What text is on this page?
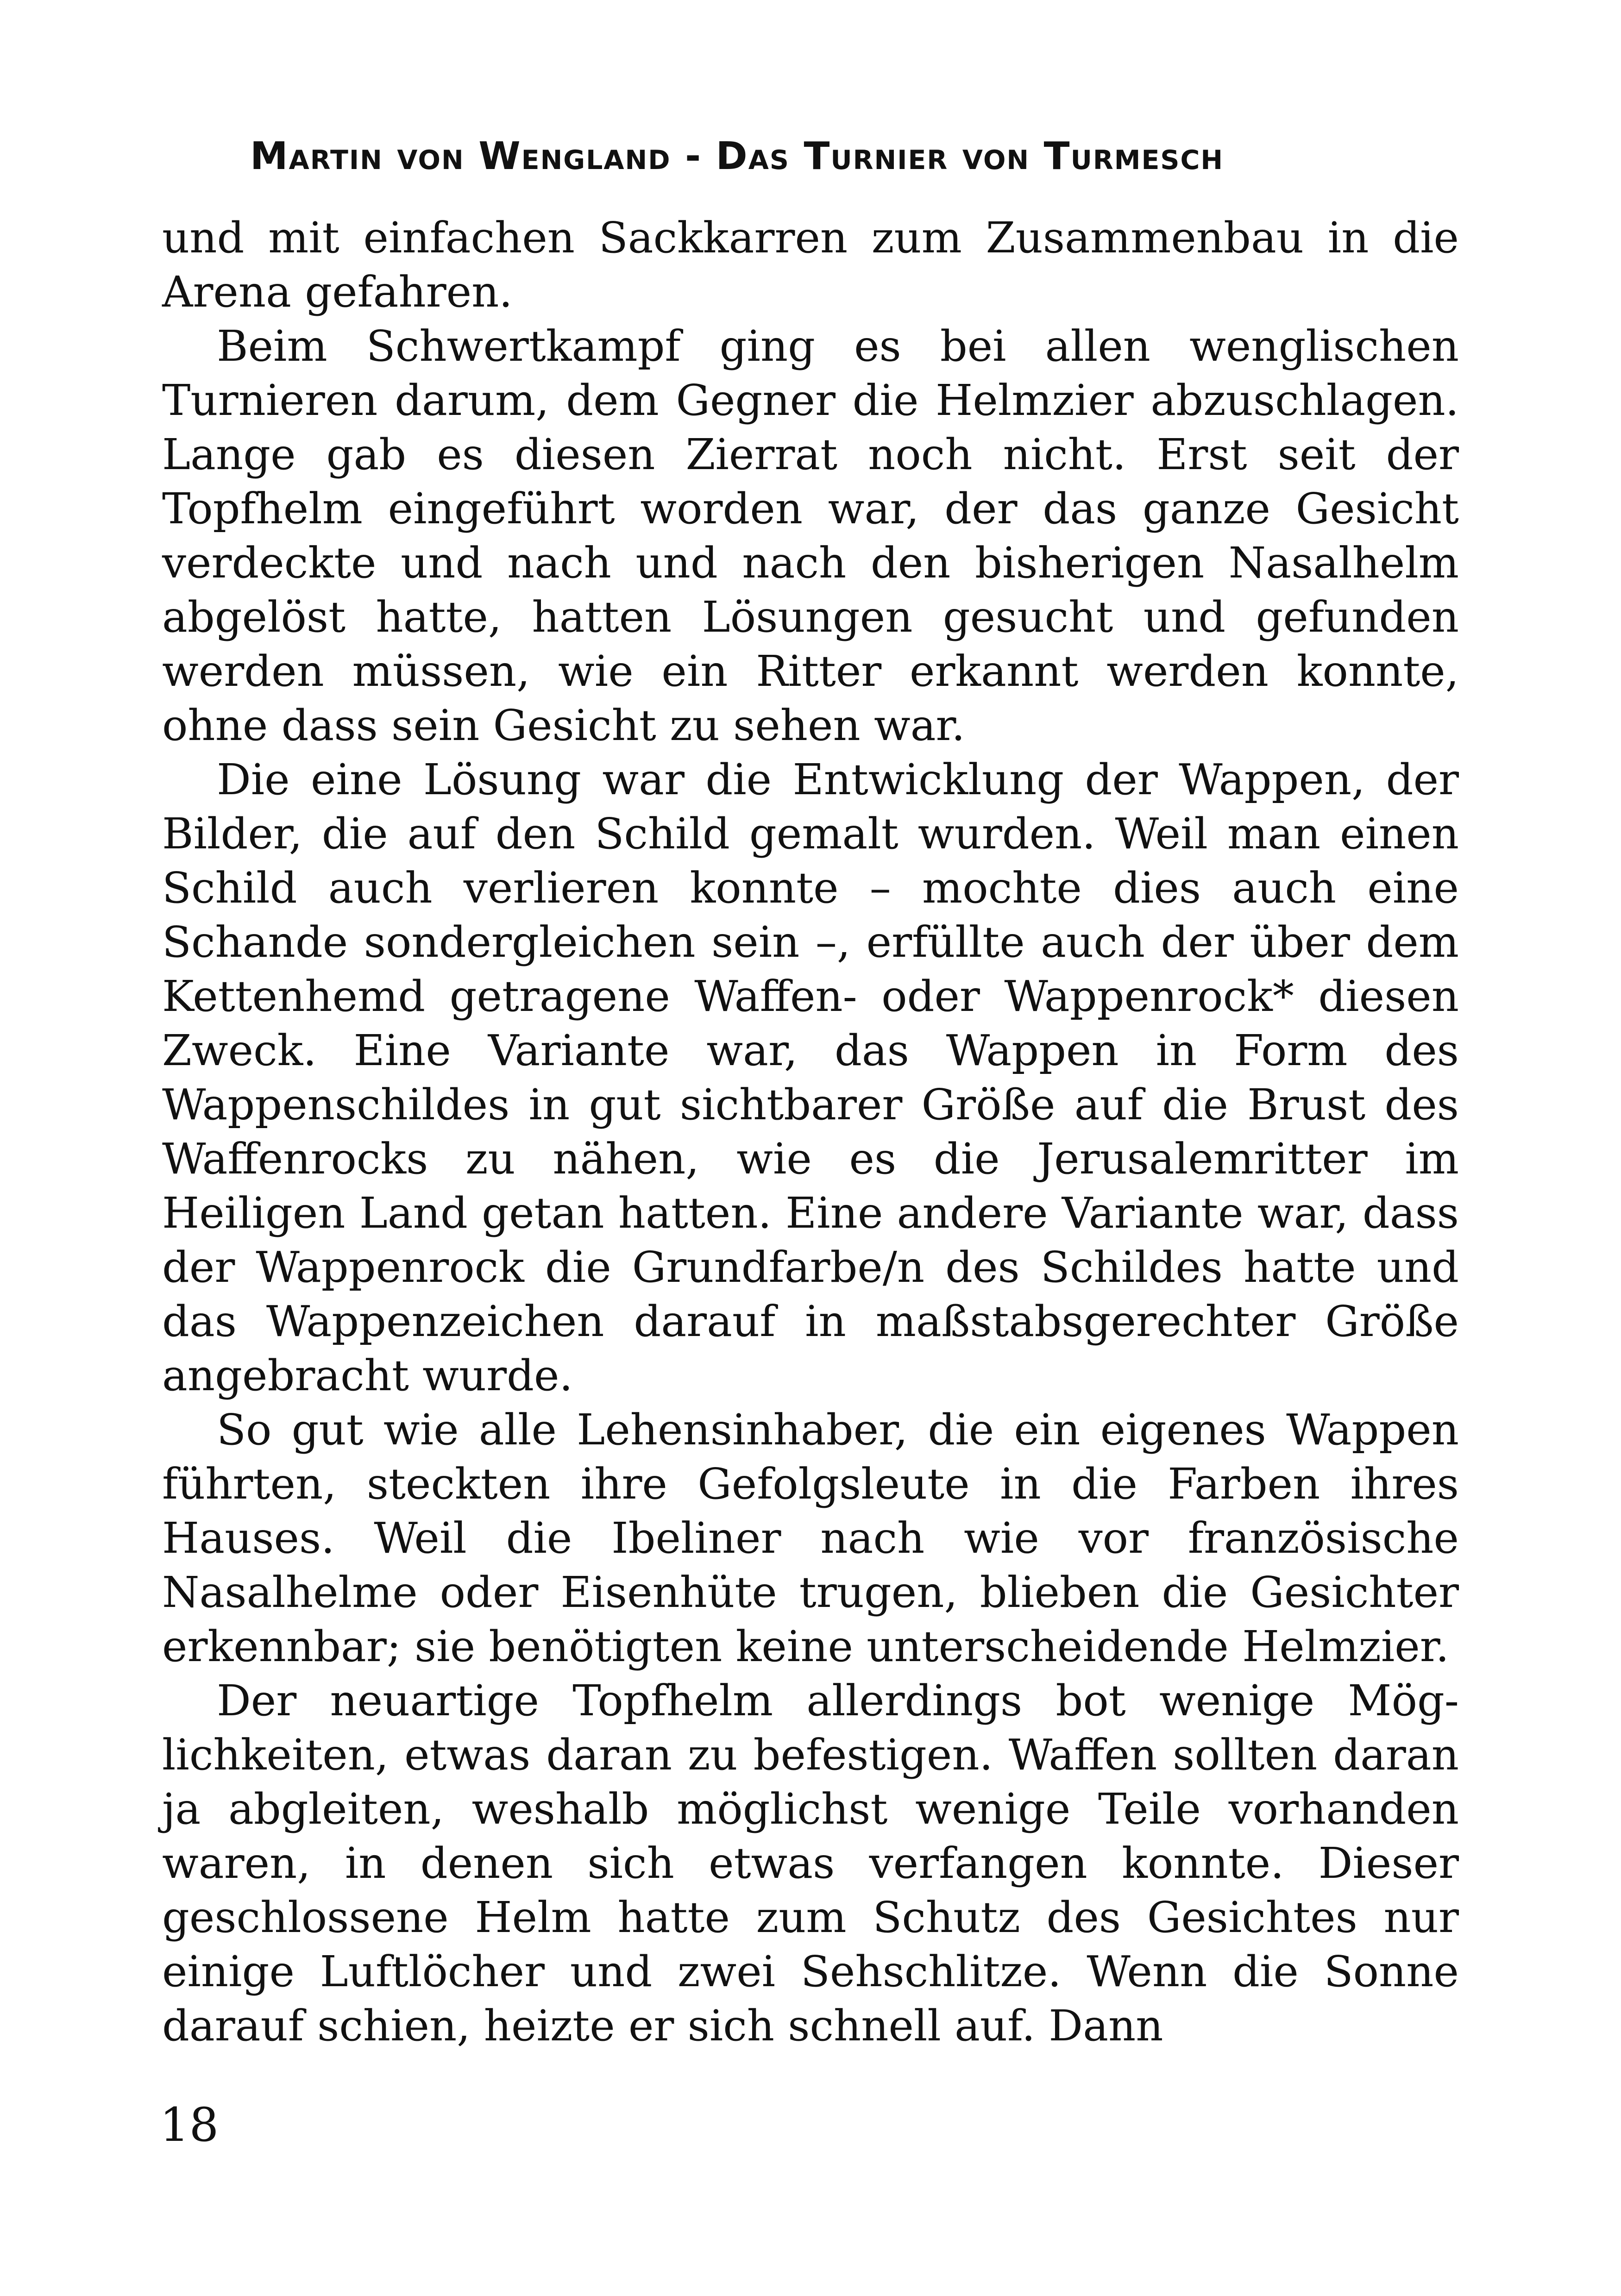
Martin von Wengland - Das Turnier von Turmesch

und mit einfachen Sackkarren zum Zusammenbau in die Arena gefahren.

Beim Schwertkampf ging es bei allen wenglischen Turnieren darum, dem Gegner die Helmzier abzuschlagen. Lange gab es diesen Zierrat noch nicht. Erst seit der Topfhelm eingeführt worden war, der das ganze Gesicht verdeckte und nach und nach den bisherigen Nasalhelm abgelöst hatte, hatten Lösungen gesucht und gefunden werden müssen, wie ein Ritter erkannt werden konnte, ohne dass sein Gesicht zu sehen war.

Die eine Lösung war die Entwicklung der Wappen, der Bilder, die auf den Schild gemalt wurden. Weil man einen Schild auch verlieren konnte – mochte dies auch eine Schande sondergleichen sein –, erfüllte auch der über dem Kettenhemd getragene Waffen- oder Wappenrock* diesen Zweck. Eine Variante war, das Wappen in Form des Wappenschildes in gut sichtbarer Größe auf die Brust des Waffenrocks zu nähen, wie es die Jerusalemritter im Heiligen Land getan hatten. Eine andere Variante war, dass der Wappenrock die Grundfarbe/n des Schildes hatte und das Wappenzeichen darauf in maßstabsgerechter Größe angebracht wurde.

So gut wie alle Lehensinhaber, die ein eigenes Wappen führten, steckten ihre Gefolgsleute in die Farben ihres Hauses. Weil die Ibeliner nach wie vor französische Nasalhelme oder Eisenhüte trugen, blieben die Gesichter erkennbar; sie benötigten keine unterscheidende Helmzier.

Der neuartige Topfhelm allerdings bot wenige Möglichkeiten, etwas daran zu befestigen. Waffen sollten daran ja abgleiten, weshalb möglichst wenige Teile vorhanden waren, in denen sich etwas verfangen konnte. Dieser geschlossene Helm hatte zum Schutz des Gesichtes nur einige Luftlöcher und zwei Sehschlitze. Wenn die Sonne darauf schien, heizte er sich schnell auf. Dann

18
